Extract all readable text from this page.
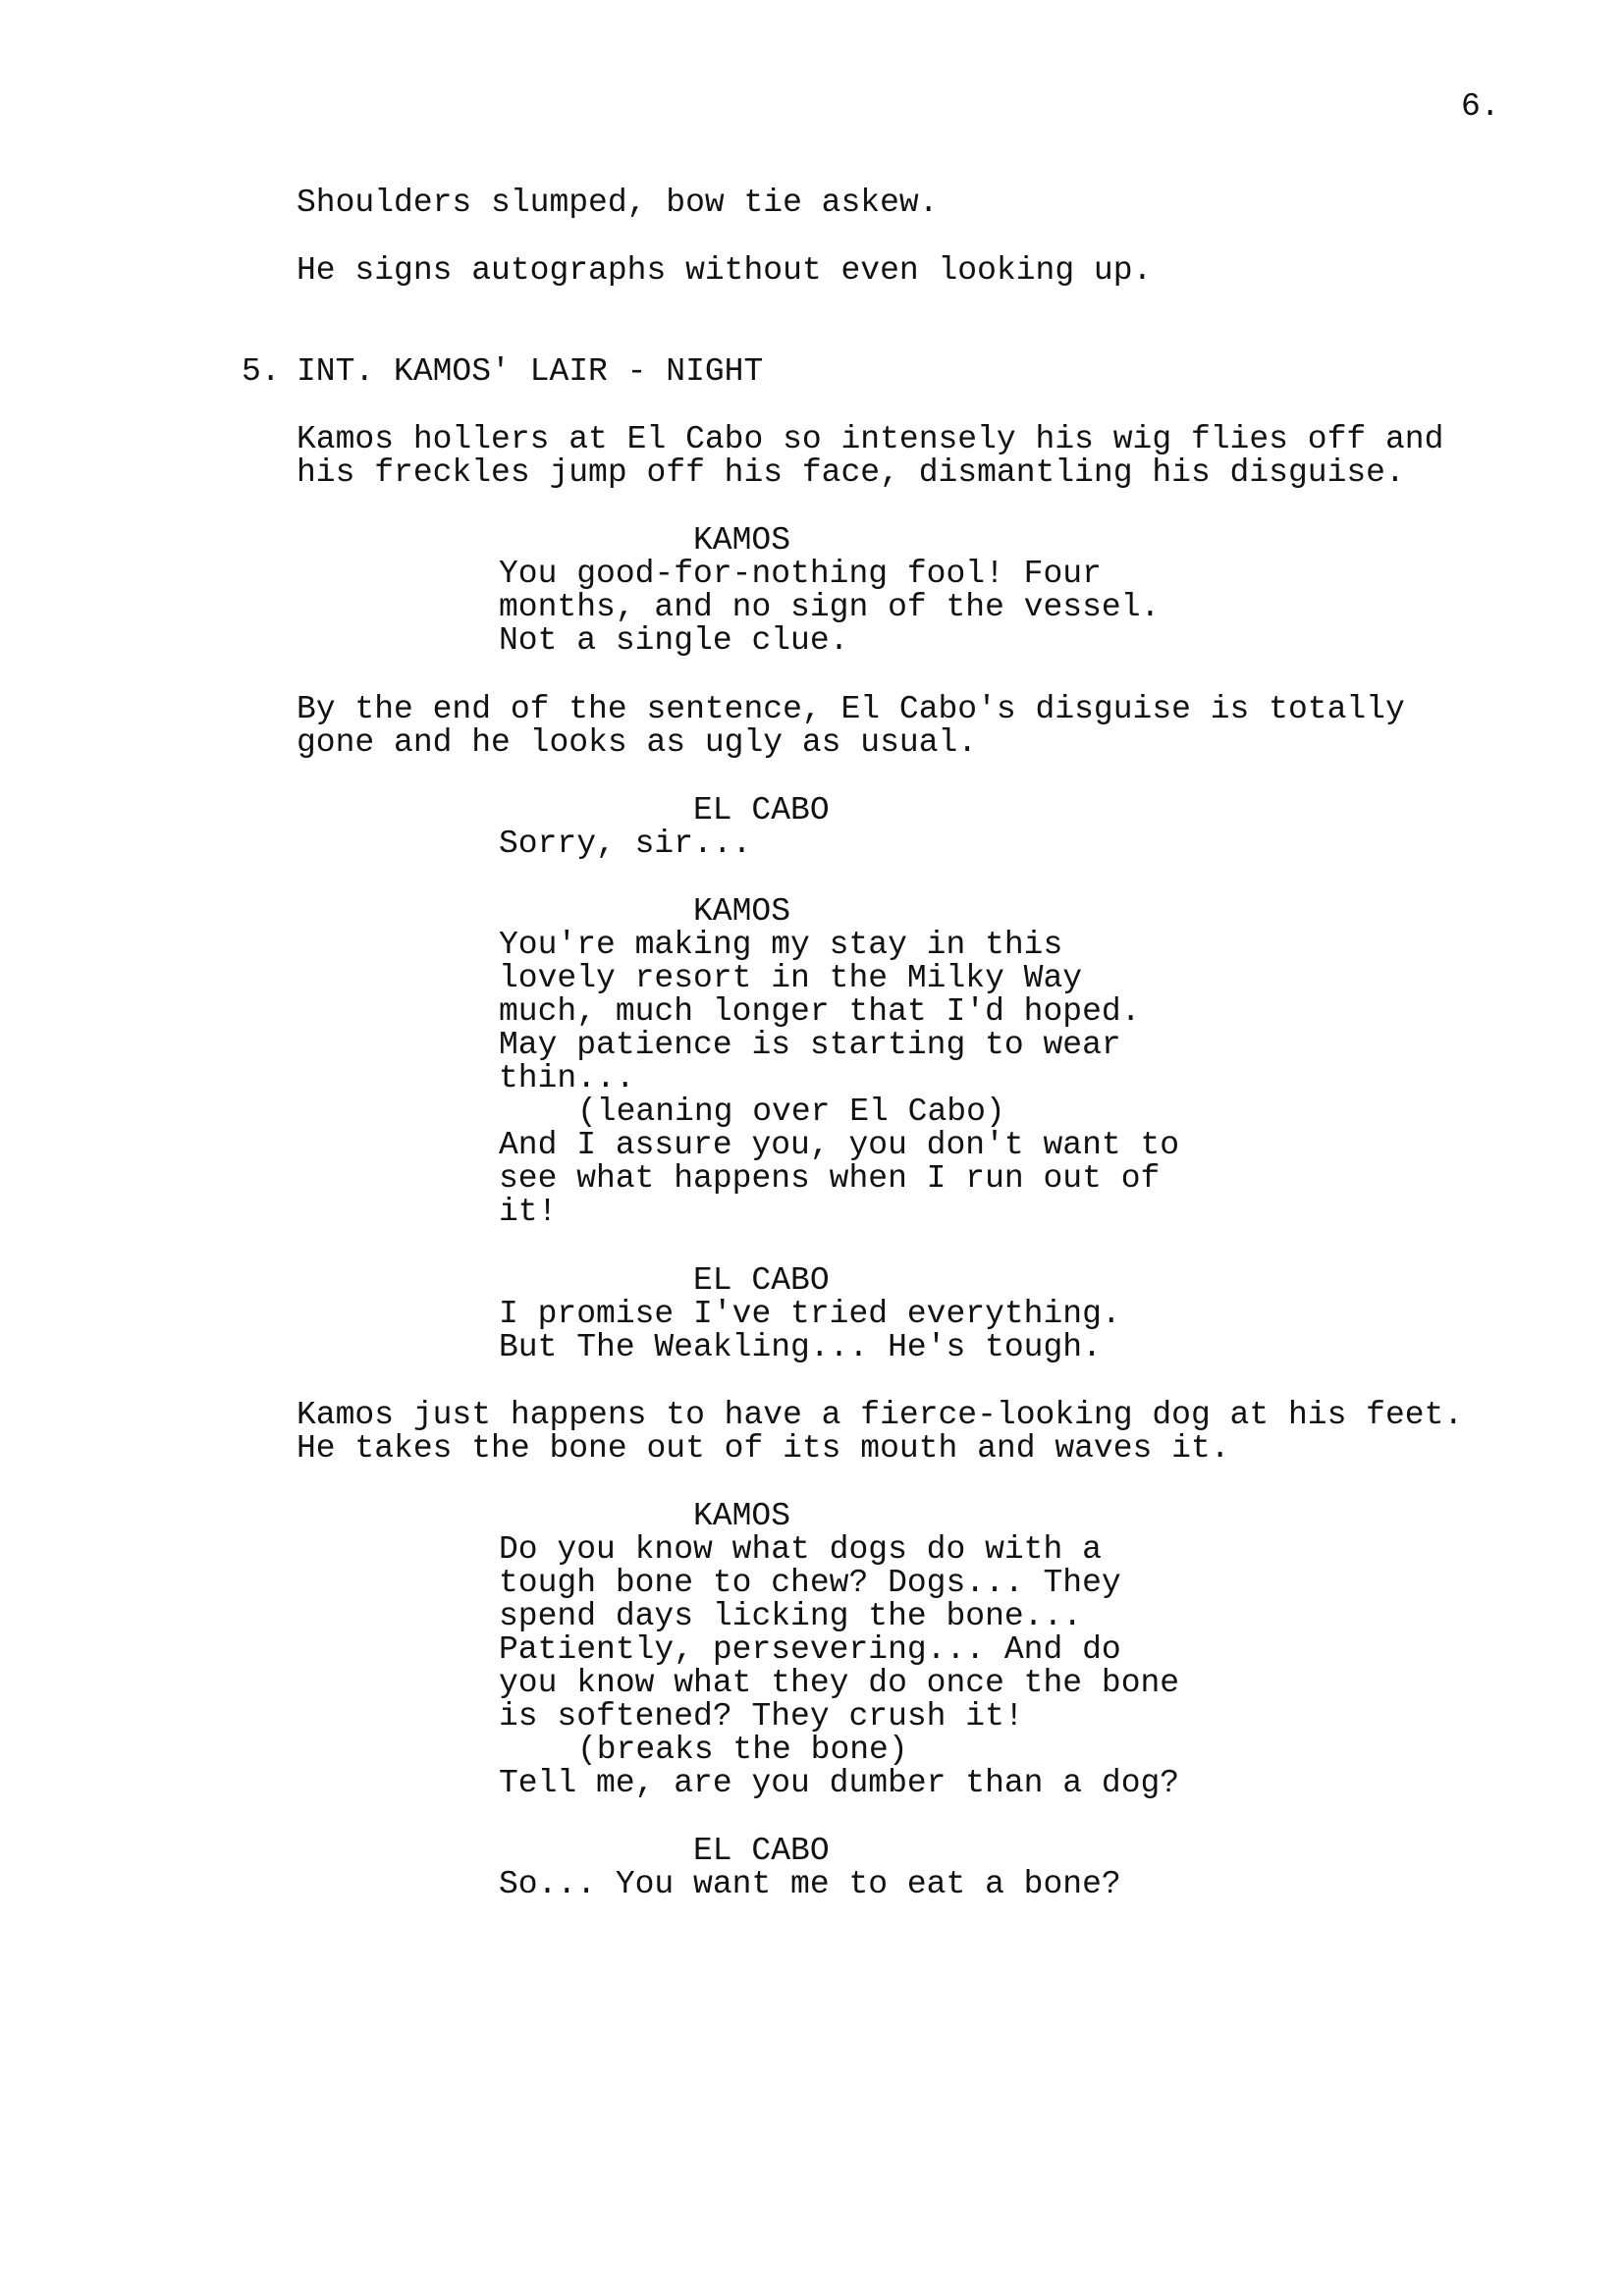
6.
Shoulders slumped, bow tie askew.
He signs autographs without even looking up.
5. INT. KAMOS' LAIR - NIGHT
Kamos hollers at El Cabo so intensely his wig flies off and
his freckles jump off his face, dismantling his disguise.
KAMOS
You good-for-nothing fool! Four
months, and no sign of the vessel.
Not a single clue.
By the end of the sentence, El Cabo's disguise is totally
gone and he looks as ugly as usual.
EL CABO
Sorry, sir...
KAMOS
You're making my stay in this
lovely resort in the Milky Way
much, much longer that I'd hoped.
May patience is starting to wear
thin...
(leaning over El Cabo)
And I assure you, you don't want to
see what happens when I run out of
it!
EL CABO
I promise I've tried everything.
But The Weakling... He's tough.
Kamos just happens to have a fierce-looking dog at his feet.
He takes the bone out of its mouth and waves it.
KAMOS
Do you know what dogs do with a
tough bone to chew? Dogs... They
spend days licking the bone...
Patiently, persevering... And do
you know what they do once the bone
is softened? They crush it!
(breaks the bone)
Tell me, are you dumber than a dog?
EL CABO
So... You want me to eat a bone?
